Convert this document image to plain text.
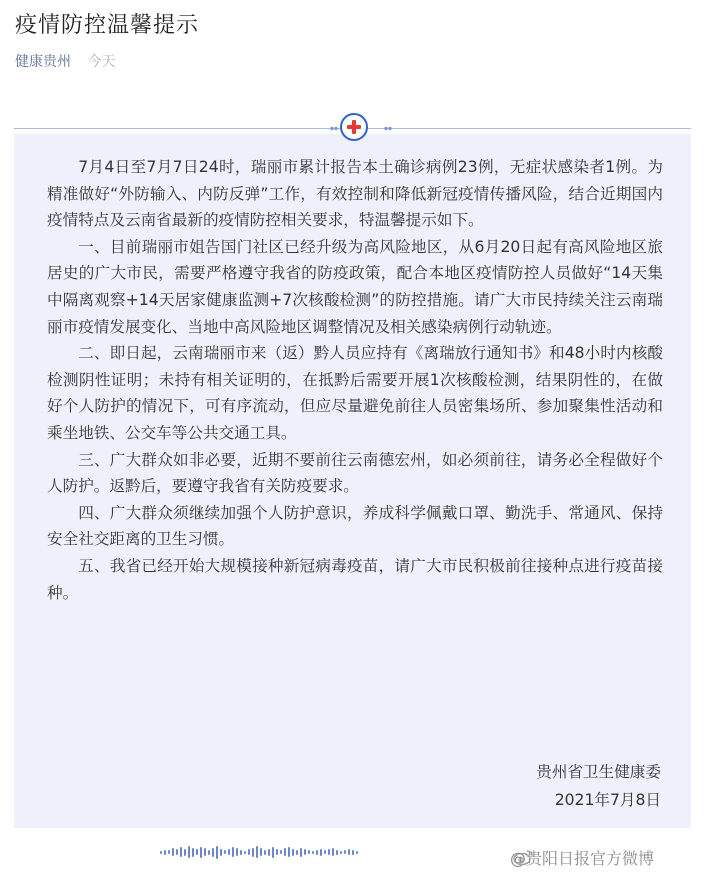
疫情防控温馨提示
健康贵州 今天

7月4日至7月7日24时，瑞丽市累计报告本土确诊病例23例，无症状感染者1例。为精准做好“外防输入、内防反弹”工作，有效控制和降低新冠疫情传播风险，结合近期国内疫情特点及云南省最新的疫情防控相关要求，特温馨提示如下。

一、目前瑞丽市姐告国门社区已经升级为高风险地区，从6月20日起有高风险地区旅居史的广大市民，需要严格遵守我省的防疫政策，配合本地区疫情防控人员做好“14天集中隔离观察+14天居家健康监测+7次核酸检测”的防控措施。请广大市民持续关注云南瑞丽市疫情发展变化、当地中高风险地区调整情况及相关感染病例行动轨迹。

二、即日起，云南瑞丽市来（返）黔人员应持有《离瑞放行通知书》和48小时内核酸检测阴性证明；未持有相关证明的，在抵黔后需要开展1次核酸检测，结果阴性的，在做好个人防护的情况下，可有序流动，但应尽量避免前往人员密集场所、参加聚集性活动和乘坐地铁、公交车等公共交通工具。

三、广大群众如非必要，近期不要前往云南德宏州，如必须前往，请务必全程做好个人防护。返黔后，要遵守我省有关防疫要求。

四、广大群众须继续加强个人防护意识，养成科学佩戴口罩、勤洗手、常通风、保持安全社交距离的卫生习惯。

五、我省已经开始大规模接种新冠病毒疫苗，请广大市民积极前往接种点进行疫苗接种。

贵州省卫生健康委
2021年7月8日
@贵阳日报官方微博
